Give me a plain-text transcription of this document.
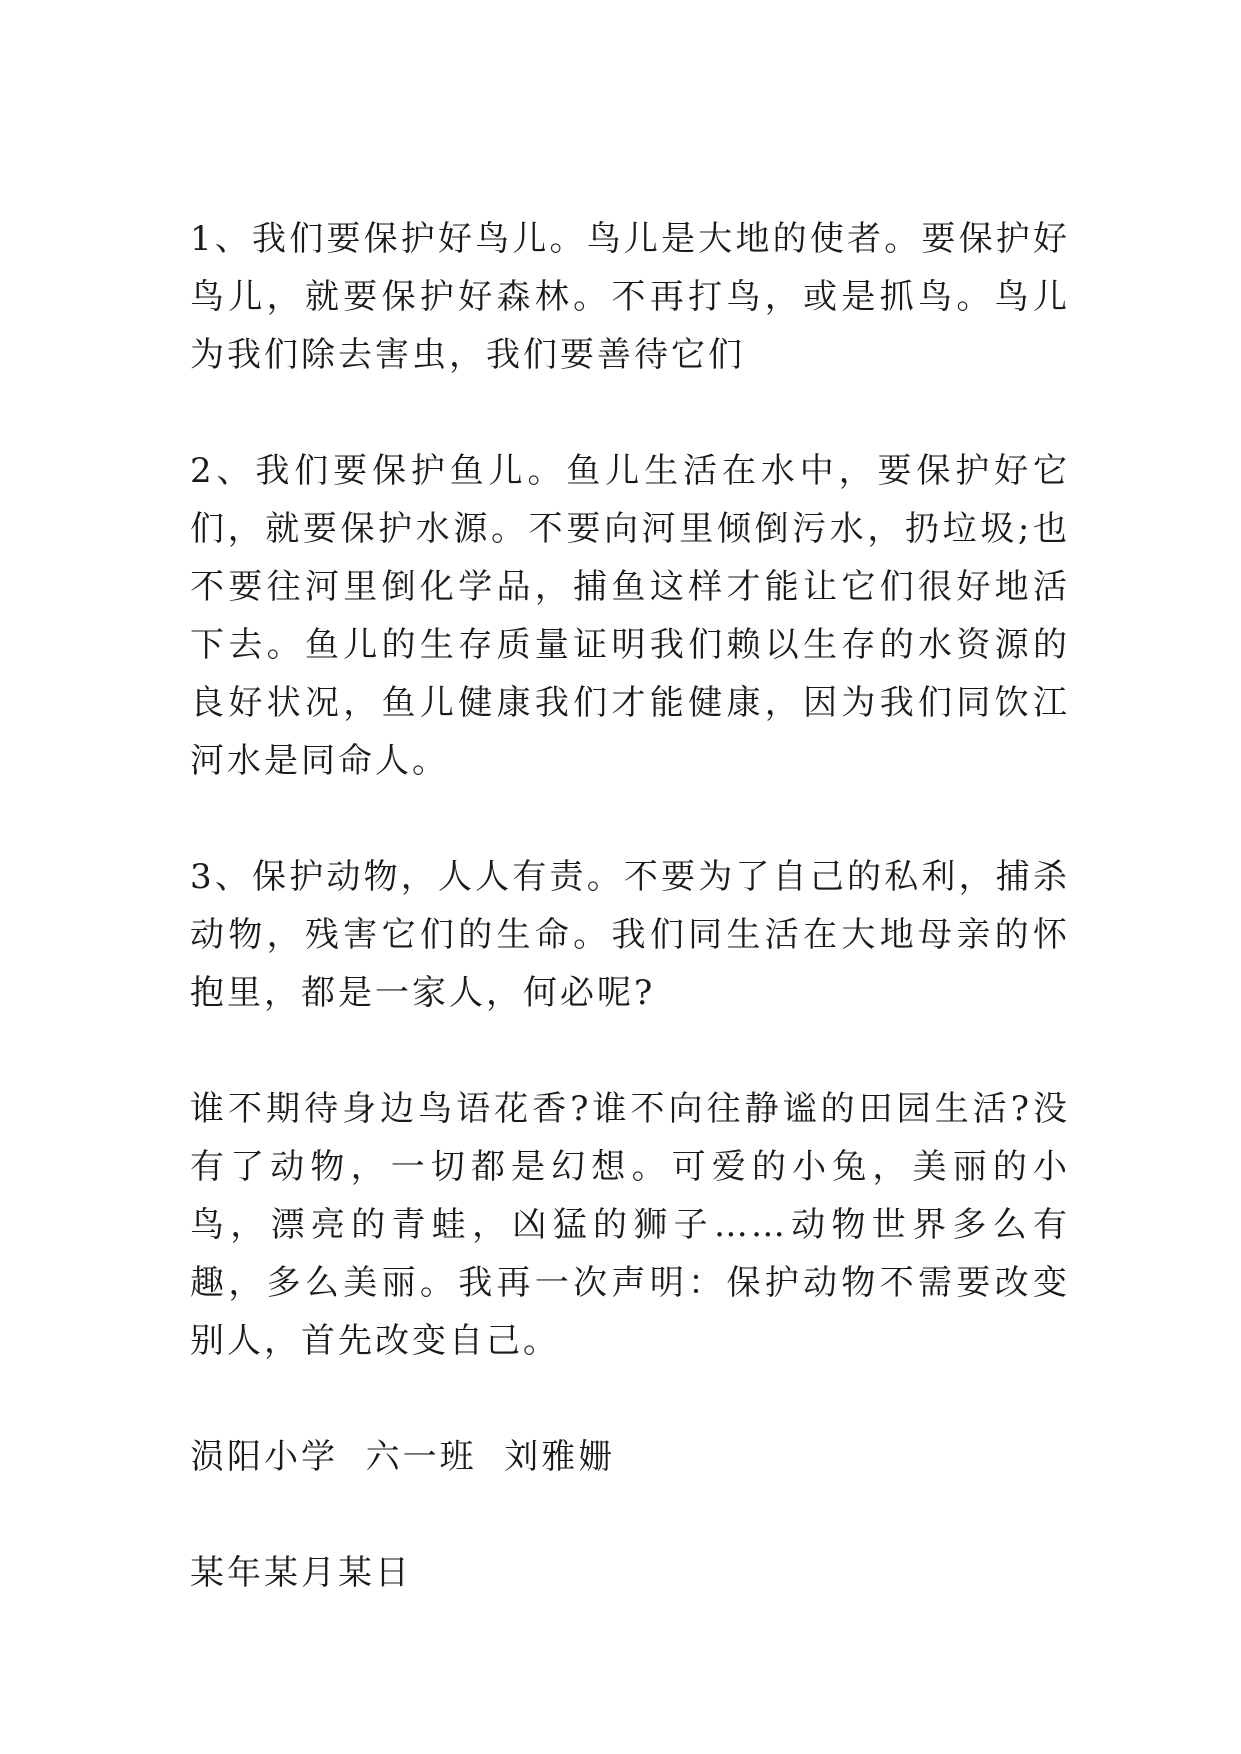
1、我们要保护好鸟儿。鸟儿是大地的使者。要保护好鸟儿，就要保护好森林。不再打鸟，或是抓鸟。鸟儿为我们除去害虫，我们要善待它们

2、我们要保护鱼儿。鱼儿生活在水中，要保护好它们，就要保护水源。不要向河里倾倒污水，扔垃圾;也不要往河里倒化学品，捕鱼这样才能让它们很好地活下去。鱼儿的生存质量证明我们赖以生存的水资源的良好状况，鱼儿健康我们才能健康，因为我们同饮江河水是同命人。

3、保护动物，人人有责。不要为了自己的私利，捕杀动物，残害它们的生命。我们同生活在大地母亲的怀抱里，都是一家人，何必呢?

谁不期待身边鸟语花香?谁不向往静谧的田园生活?没有了动物，一切都是幻想。可爱的小兔，美丽的小鸟，漂亮的青蛙，凶猛的狮子……动物世界多么有趣，多么美丽。我再一次声明：保护动物不需要改变别人，首先改变自己。

涢阳小学  六一班  刘雅姗

某年某月某日
